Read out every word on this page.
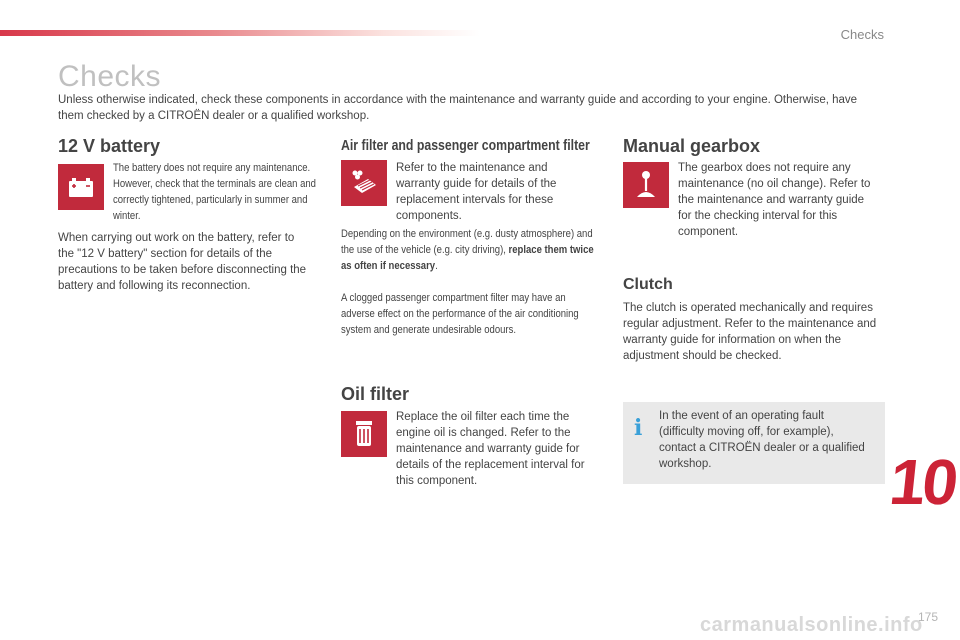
Checks
Checks

Unless otherwise indicated, check these components in accordance with the maintenance and warranty guide and according to your engine. Otherwise, have them checked by a CITROËN dealer or a qualified workshop.

12 V battery

The battery does not require any maintenance. However, check that the terminals are clean and correctly tightened, particularly in summer and winter.

When carrying out work on the battery, refer to the "12 V battery" section for details of the precautions to be taken before disconnecting the battery and following its reconnection.

Air filter and passenger compartment filter

Refer to the maintenance and warranty guide for details of the replacement intervals for these components.

Depending on the environment (e.g. dusty atmosphere) and the use of the vehicle (e.g. city driving), replace them twice as often if necessary.

A clogged passenger compartment filter may have an adverse effect on the performance of the air conditioning system and generate undesirable odours.

Oil filter

Replace the oil filter each time the engine oil is changed. Refer to the maintenance and warranty guide for details of the replacement interval for this component.

Manual gearbox

The gearbox does not require any maintenance (no oil change). Refer to the maintenance and warranty guide for the checking interval for this component.

Clutch

The clutch is operated mechanically and requires regular adjustment. Refer to the maintenance and warranty guide for information on when the adjustment should be checked.

i In the event of an operating fault (difficulty moving off, for example), contact a CITROËN dealer or a qualified workshop.	10
carmanualsonline.info
175
